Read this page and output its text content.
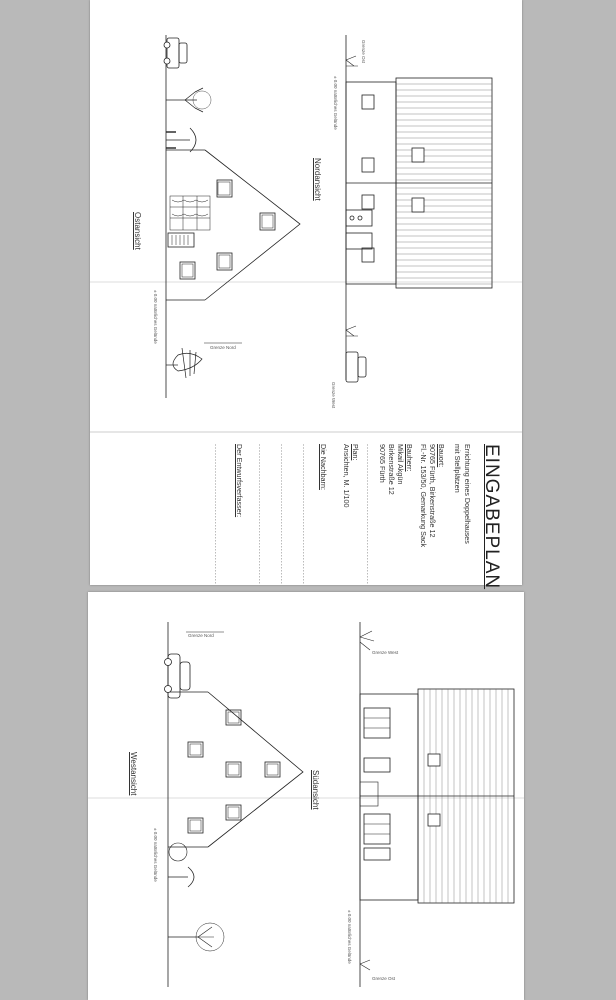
Nordansicht
Ostansicht
Grenze Ost
Grenze Nord
Grenze West
± 0.00 natürliches Gelände
± 0.00 natürliches Gelände
EINGABEPLAN
Errichtung eines Doppelhauses
mit Stellplätzen
Bauort:
90765 Fürth, Birkenstraße 12
Fl.-Nr. 153/50, Gemarkung Sack
Bauherr:
Mikail Akgün
Birkenstraße 12
90765 Fürth
...............................................
Plan:
Ansichten, M. 1/100
Die Nachbarn:
...............................................
...............................................
...............................................
Der Entwurfsverfasser:
...............................................
Südansicht
Westansicht
Grenze Nord
Grenze West
Grenze Ost
± 0.00 natürliches Gelände
± 0.00 natürliches Gelände
